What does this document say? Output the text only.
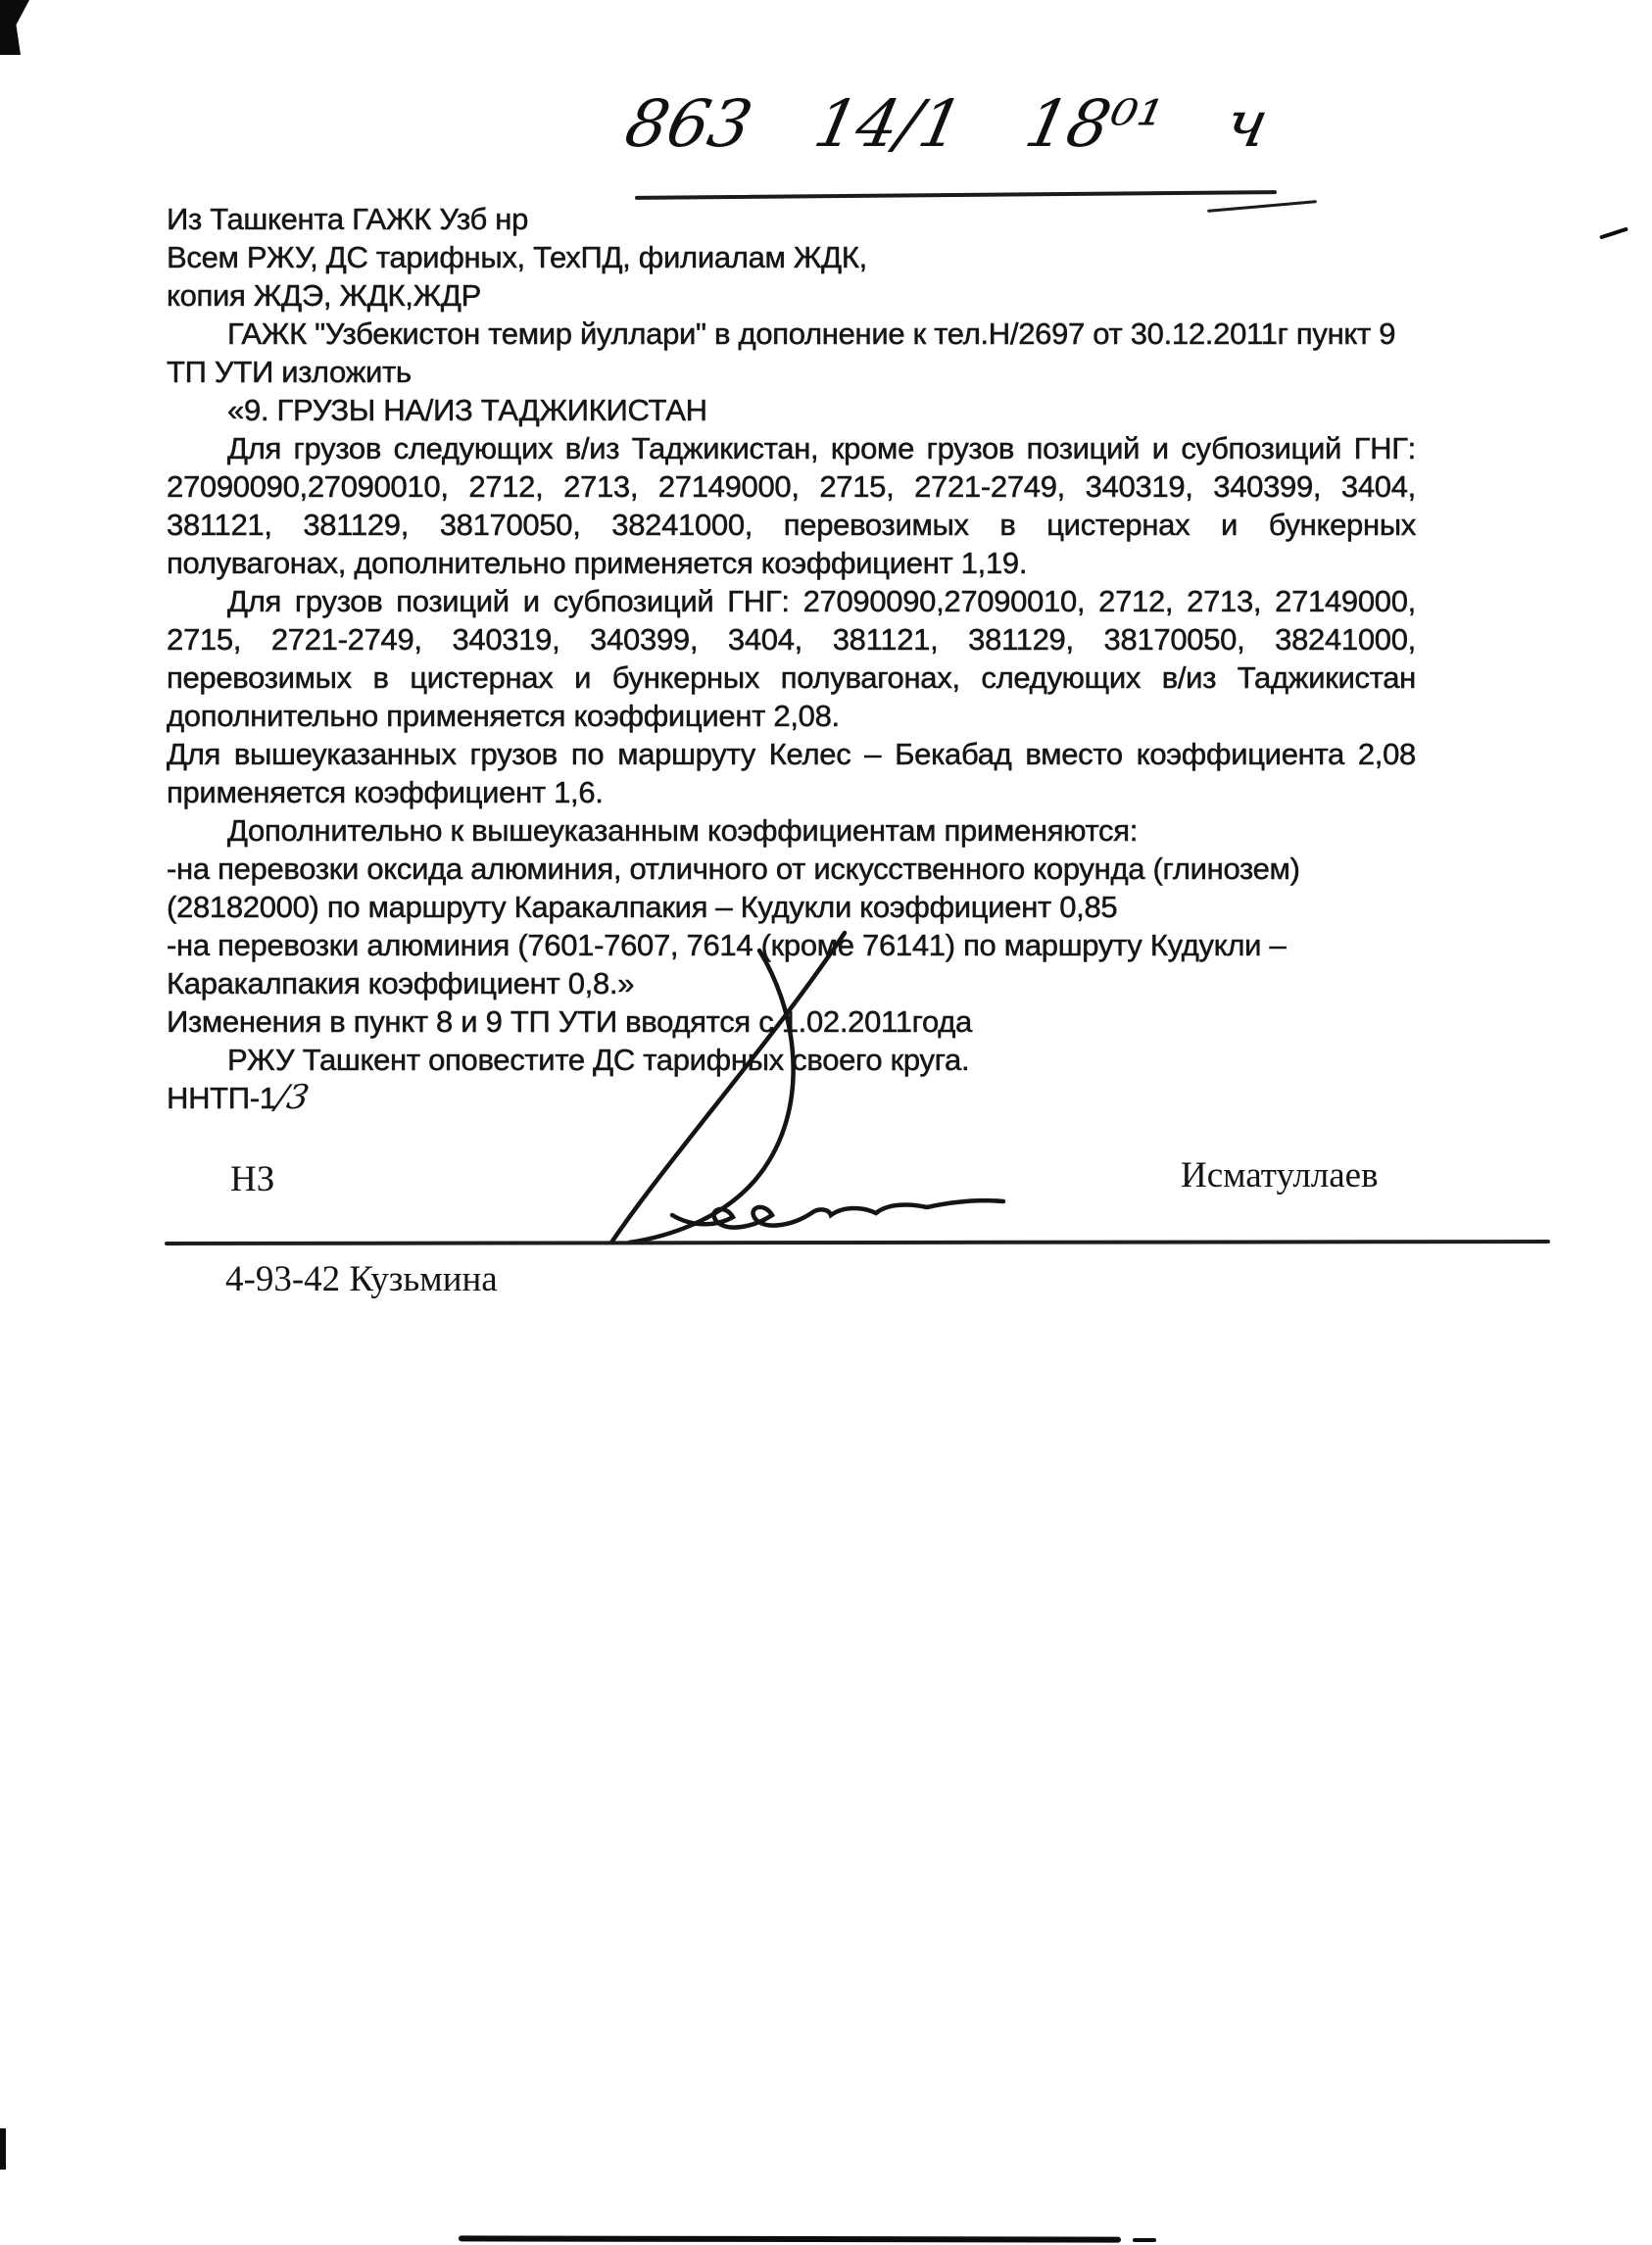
863 14/1 18⁰¹ ч

Из Ташкента ГАЖК Узб нр

Всем РЖУ, ДС тарифных, ТехПД, филиалам ЖДК,

копия ЖДЭ, ЖДК,ЖДР

ГАЖК "Узбекистон темир йуллари" в дополнение к тел.Н/2697 от 30.12.2011г пункт 9 ТП УТИ изложить

«9. ГРУЗЫ НА/ИЗ ТАДЖИКИСТАН

Для грузов следующих в/из Таджикистан, кроме грузов позиций и субпозиций ГНГ: 27090090,27090010, 2712, 2713, 27149000, 2715, 2721-2749, 340319, 340399, 3404, 381121, 381129, 38170050, 38241000, перевозимых в цистернах и бункерных полувагонах, дополнительно применяется коэффициент 1,19.

Для грузов позиций и субпозиций ГНГ: 27090090,27090010, 2712, 2713, 27149000, 2715, 2721-2749, 340319, 340399, 3404, 381121, 381129, 38170050, 38241000, перевозимых в цистернах и бункерных полувагонах, следующих в/из Таджикистан дополнительно применяется коэффициент 2,08.

Для вышеуказанных грузов по маршруту Келес – Бекабад вместо коэффициента 2,08 применяется коэффициент 1,6.

Дополнительно к вышеуказанным коэффициентам применяются:

-на перевозки оксида алюминия, отличного от искусственного корунда (глинозем) (28182000) по маршруту Каракалпакия – Кудукли коэффициент 0,85

-на перевозки алюминия (7601-7607, 7614 (кроме 76141) по маршруту Кудукли – Каракалпакия коэффициент 0,8.»

Изменения в пункт 8 и 9 ТП УТИ вводятся с 1.02.2011года

РЖУ Ташкент оповестите ДС тарифных своего круга.

ННТП-1/3

НЗ	Исматуллаев
4-93-42 Кузьмина
